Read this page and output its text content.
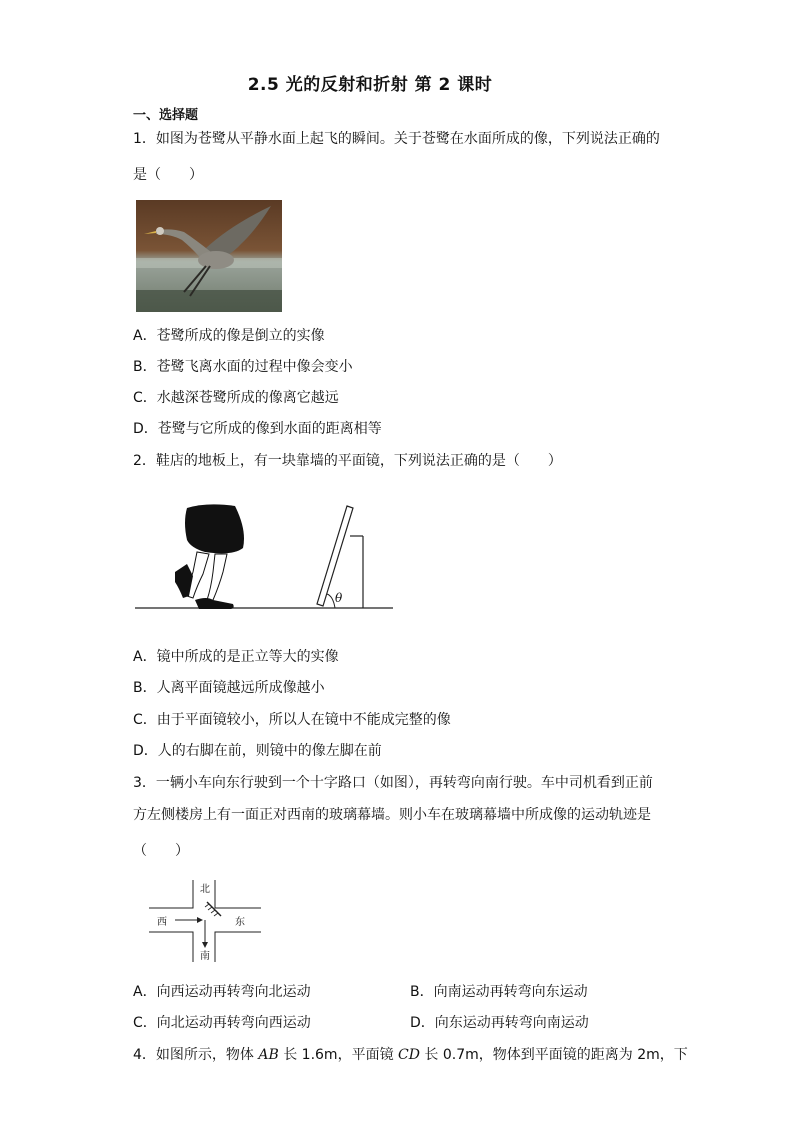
2.5 光的反射和折射 第 2 课时
一、选择题
1．如图为苍鹭从平静水面上起飞的瞬间。关于苍鹭在水面所成的像，下列说法正确的
是（　　）
A．苍鹭所成的像是倒立的实像
B．苍鹭飞离水面的过程中像会变小
C．水越深苍鹭所成的像离它越远
D．苍鹭与它所成的像到水面的距离相等
2．鞋店的地板上，有一块靠墙的平面镜，下列说法正确的是（　　）
θ
A．镜中所成的是正立等大的实像
B．人离平面镜越远所成像越小
C．由于平面镜较小，所以人在镜中不能成完整的像
D．人的右脚在前，则镜中的像左脚在前
3．一辆小车向东行驶到一个十字路口（如图），再转弯向南行驶。车中司机看到正前
方左侧楼房上有一面正对西南的玻璃幕墙。则小车在玻璃幕墙中所成像的运动轨迹是
（　　）
北
南
西	东
A．向西运动再转弯向北运动	B．向南运动再转弯向东运动
C．向北运动再转弯向西运动	D．向东运动再转弯向南运动
4．如图所示，物体 AB 长 1.6m，平面镜 CD 长 0.7m，物体到平面镜的距离为 2m，下
